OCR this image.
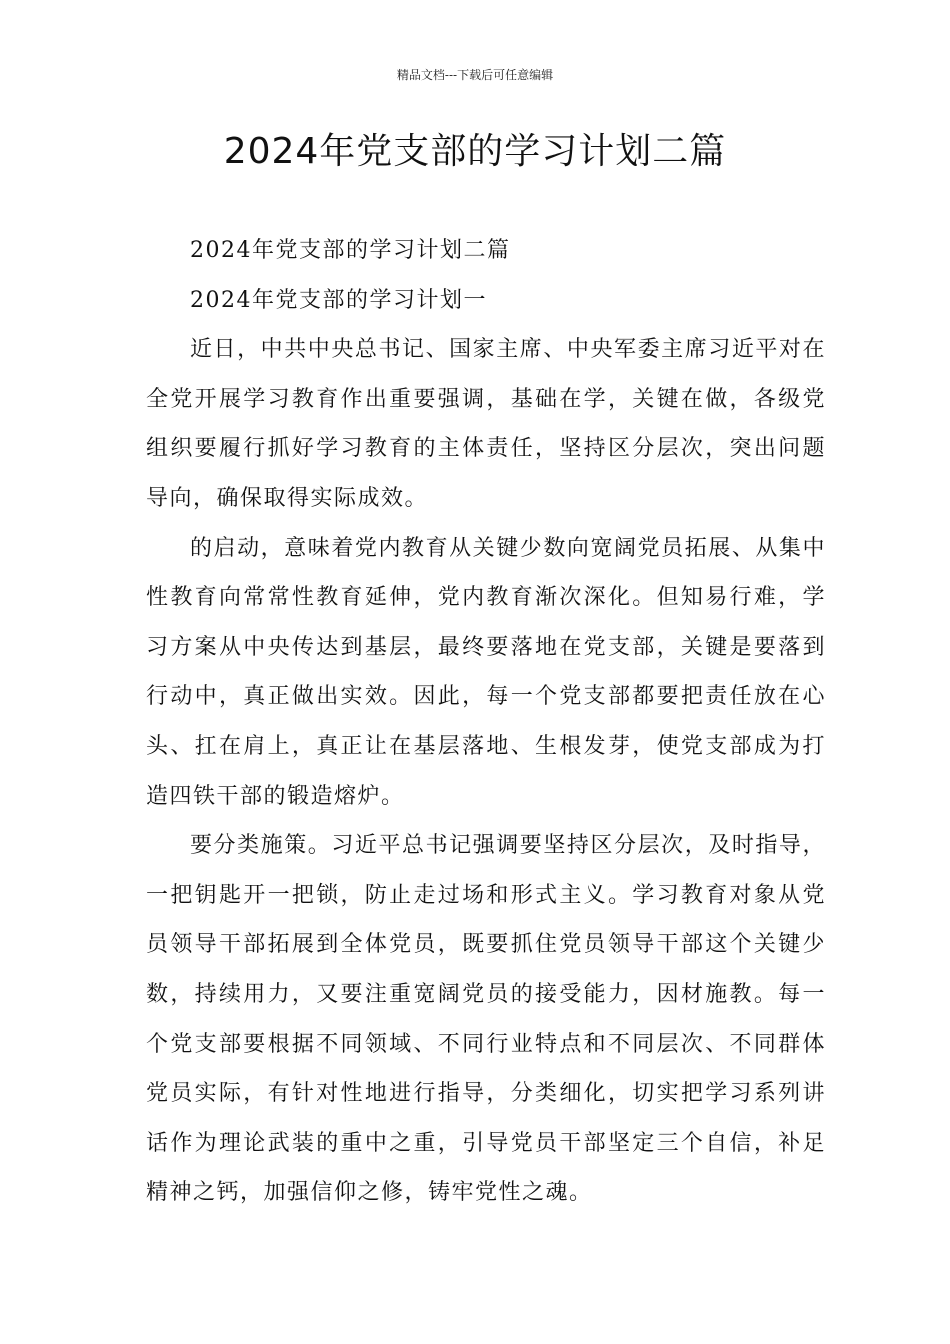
精品文档---下载后可任意编辑
2024年党支部的学习计划二篇

2024年党支部的学习计划二篇

2024年党支部的学习计划一

近日，中共中央总书记、国家主席、中央军委主席习近平对在全党开展学习教育作出重要强调，基础在学，关键在做，各级党组织要履行抓好学习教育的主体责任，坚持区分层次，突出问题导向，确保取得实际成效。

的启动，意味着党内教育从关键少数向宽阔党员拓展、从集中性教育向常常性教育延伸，党内教育渐次深化。但知易行难，学习方案从中央传达到基层，最终要落地在党支部，关键是要落到行动中，真正做出实效。因此，每一个党支部都要把责任放在心头、扛在肩上，真正让在基层落地、生根发芽，使党支部成为打造四铁干部的锻造熔炉。

要分类施策。习近平总书记强调要坚持区分层次，及时指导，一把钥匙开一把锁，防止走过场和形式主义。学习教育对象从党员领导干部拓展到全体党员，既要抓住党员领导干部这个关键少数，持续用力，又要注重宽阔党员的接受能力，因材施教。每一个党支部要根据不同领域、不同行业特点和不同层次、不同群体党员实际，有针对性地进行指导，分类细化，切实把学习系列讲话作为理论武装的重中之重，引导党员干部坚定三个自信，补足精神之钙，加强信仰之修，铸牢党性之魂。
